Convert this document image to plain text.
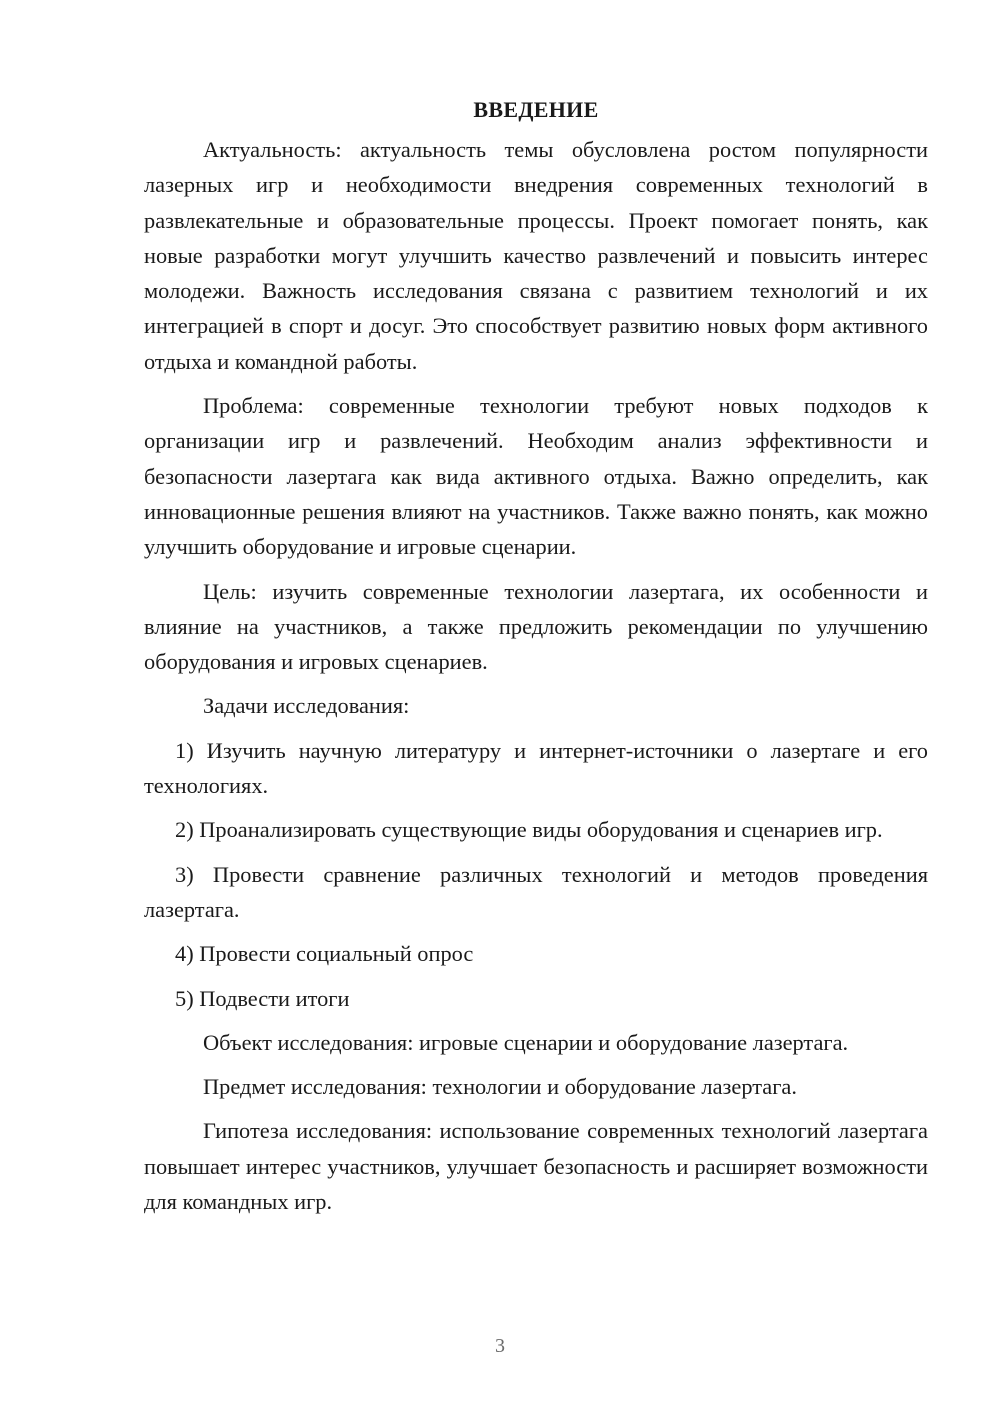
ВВЕДЕНИЕ

Актуальность: актуальность темы обусловлена ростом популярности лазерных игр и необходимости внедрения современных технологий в развлекательные и образовательные процессы. Проект помогает понять, как новые разработки могут улучшить качество развлечений и повысить интерес молодежи. Важность исследования связана с развитием технологий и их интеграцией в спорт и досуг. Это способствует развитию новых форм активного отдыха и командной работы.

Проблема: современные технологии требуют новых подходов к организации игр и развлечений. Необходим анализ эффективности и безопасности лазертага как вида активного отдыха. Важно определить, как инновационные решения влияют на участников. Также важно понять, как можно улучшить оборудование и игровые сценарии.

Цель: изучить современные технологии лазертага, их особенности и влияние на участников, а также предложить рекомендации по улучшению оборудования и игровых сценариев.

Задачи исследования:

1) Изучить научную литературу и интернет-источники о лазертаге и его технологиях.

2) Проанализировать существующие виды оборудования и сценариев игр.

3) Провести сравнение различных технологий и методов проведения лазертага.

4) Провести социальный опрос

5) Подвести итоги

Объект исследования: игровые сценарии и оборудование лазертага.

Предмет исследования: технологии и оборудование лазертага.

Гипотеза исследования: использование современных технологий лазертага повышает интерес участников, улучшает безопасность и расширяет возможности для командных игр.

3
